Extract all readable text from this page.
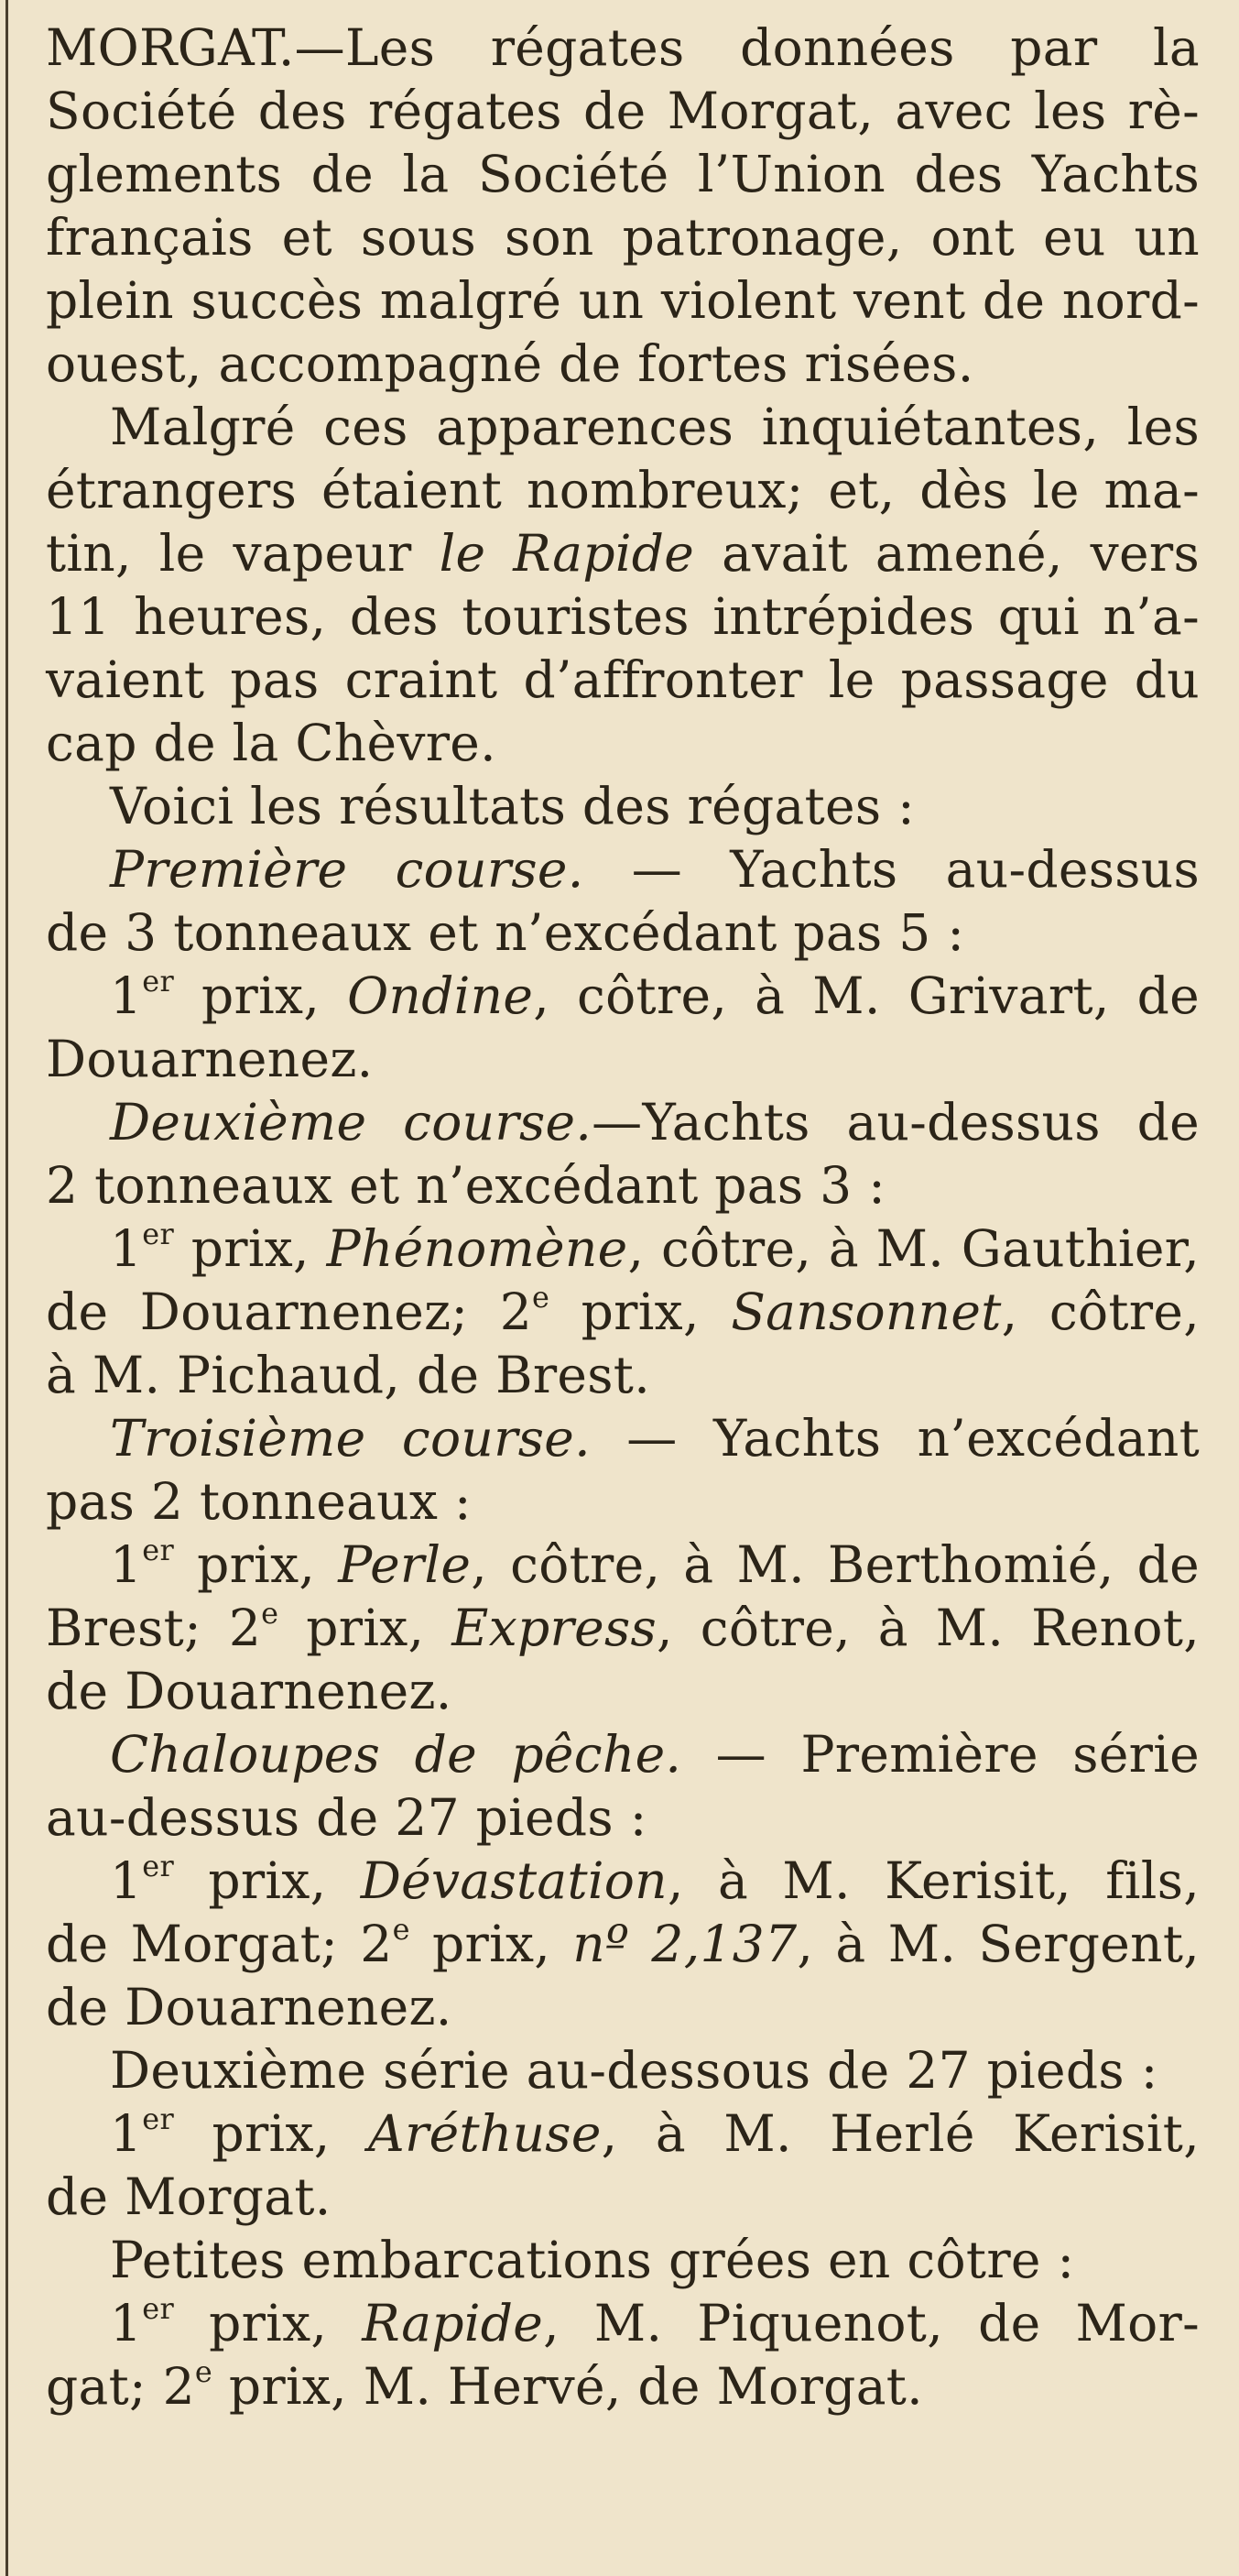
MORGAT.—Les régates données par la
Société des régates de Morgat, avec les rè-
glements de la Société l’Union des Yachts
français et sous son patronage, ont eu un
plein succès malgré un violent vent de nord-
ouest, accompagné de fortes risées.
Malgré ces apparences inquiétantes, les
étrangers étaient nombreux; et, dès le ma-
tin, le vapeur le Rapide avait amené, vers
11 heures, des touristes intrépides qui n’a-
vaient pas craint d’affronter le passage du
cap de la Chèvre.
Voici les résultats des régates :
Première course. — Yachts au-dessus
de 3 tonneaux et n’excédant pas 5 :
1er prix, Ondine, côtre, à M. Grivart, de
Douarnenez.
Deuxième course.—Yachts au-dessus de
2 tonneaux et n’excédant pas 3 :
1er prix, Phénomène, côtre, à M. Gauthier,
de Douarnenez; 2e prix, Sansonnet, côtre,
à M. Pichaud, de Brest.
Troisième course. — Yachts n’excédant
pas 2 tonneaux :
1er prix, Perle, côtre, à M. Berthomié, de
Brest; 2e prix, Express, côtre, à M. Renot,
de Douarnenez.
Chaloupes de pêche. — Première série
au-dessus de 27 pieds :
1er prix, Dévastation, à M. Kerisit, fils,
de Morgat; 2e prix, nº 2,137, à M. Sergent,
de Douarnenez.
Deuxième série au-dessous de 27 pieds :
1er prix, Aréthuse, à M. Herlé Kerisit,
de Morgat.
Petites embarcations grées en côtre :
1er prix, Rapide, M. Piquenot, de Mor-
gat; 2e prix, M. Hervé, de Morgat.
